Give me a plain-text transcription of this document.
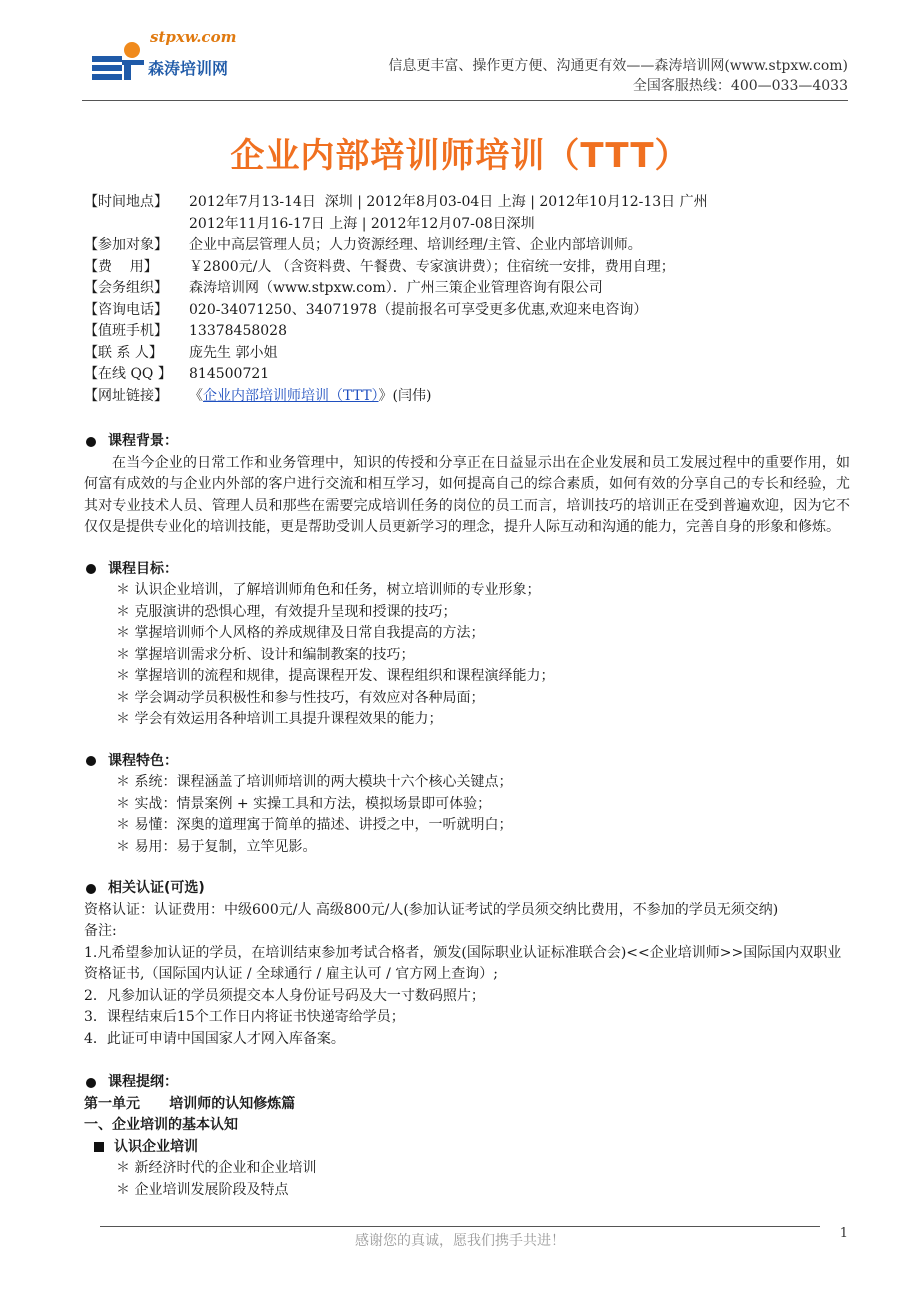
stpxw.com
森涛培训网	信息更丰富、操作更方便、沟通更有效——森涛培训网(www.stpxw.com)
全国客服热线：400—033—4033
企业内部培训师培训（TTT）
【时间地点】	2012年7月13-14日  深圳 | 2012年8月03-04日 上海 | 2012年10月12-13日 广州
2012年11月16-17日 上海 | 2012年12月07-08日深圳
【参加对象】	企业中高层管理人员；人力资源经理、培训经理/主管、企业内部培训师。
【费    用】	￥2800元/人 （含资料费、午餐费、专家演讲费）；住宿统一安排，费用自理；
【会务组织】	森涛培训网（www.stpxw.com）．广州三策企业管理咨询有限公司
【咨询电话】	020-34071250、34071978（提前报名可享受更多优惠,欢迎来电咨询）
【值班手机】	13378458028
【联 系 人】	庞先生 郭小姐
【在线 QQ 】	814500721
【网址链接】	《企业内部培训师培训（TTT）》(闫伟)
课程背景：
在当今企业的日常工作和业务管理中，知识的传授和分享正在日益显示出在企业发展和员工发展过程中的重要作用，如何富有成效的与企业内外部的客户进行交流和相互学习，如何提高自己的综合素质，如何有效的分享自己的专长和经验，尤其对专业技术人员、管理人员和那些在需要完成培训任务的岗位的员工而言，培训技巧的培训正在受到普遍欢迎，因为它不仅仅是提供专业化的培训技能，更是帮助受训人员更新学习的理念，提升人际互动和沟通的能力，完善自身的形象和修炼。
课程目标：
＊ 认识企业培训，了解培训师角色和任务，树立培训师的专业形象；
＊ 克服演讲的恐惧心理，有效提升呈现和授课的技巧；
＊ 掌握培训师个人风格的养成规律及日常自我提高的方法；
＊ 掌握培训需求分析、设计和编制教案的技巧；
＊ 掌握培训的流程和规律，提高课程开发、课程组织和课程演绎能力；
＊ 学会调动学员积极性和参与性技巧，有效应对各种局面；
＊ 学会有效运用各种培训工具提升课程效果的能力；
课程特色：
＊ 系统：课程涵盖了培训师培训的两大模块十六个核心关键点；
＊ 实战：情景案例 + 实操工具和方法，模拟场景即可体验；
＊ 易懂：深奥的道理寓于简单的描述、讲授之中，一听就明白；
＊ 易用：易于复制，立竿见影。
相关认证(可选)
资格认证：认证费用：中级600元/人 高级800元/人(参加认证考试的学员须交纳比费用，不参加的学员无须交纳)
备注:
1.凡希望参加认证的学员，在培训结束参加考试合格者，颁发(国际职业认证标准联合会)<<企业培训师>>国际国内双职业资格证书,（国际国内认证 / 全球通行 / 雇主认可 / 官方网上查询）;
2．凡参加认证的学员须提交本人身份证号码及大一寸数码照片；
3．课程结束后15个工作日内将证书快递寄给学员；
4．此证可申请中国国家人才网入库备案。
课程提纲：
第一单元      培训师的认知修炼篇
一、企业培训的基本认知
认识企业培训
＊ 新经济时代的企业和企业培训
＊ 企业培训发展阶段及特点
感谢您的真诚，愿我们携手共进！	1
